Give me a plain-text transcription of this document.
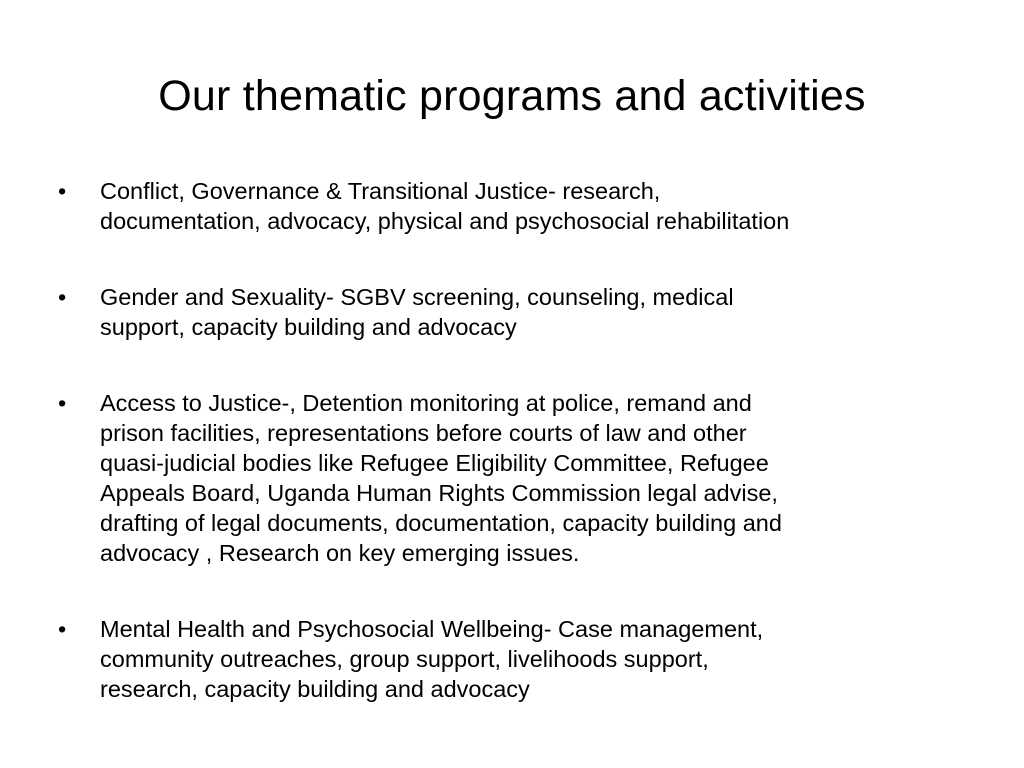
Our thematic programs and activities
•	Conflict, Governance & Transitional Justice- research,
documentation, advocacy, physical and psychosocial rehabilitation
•	Gender and Sexuality- SGBV screening, counseling, medical
support, capacity building and advocacy
•	Access to Justice-, Detention monitoring at police, remand and
prison facilities, representations before courts of law and other
quasi-judicial bodies like Refugee Eligibility Committee, Refugee
Appeals Board, Uganda Human Rights Commission legal advise,
drafting of legal documents, documentation, capacity building and
advocacy , Research on key emerging issues.
•	Mental Health and Psychosocial Wellbeing- Case management,
community outreaches, group support, livelihoods support,
research, capacity building and advocacy
